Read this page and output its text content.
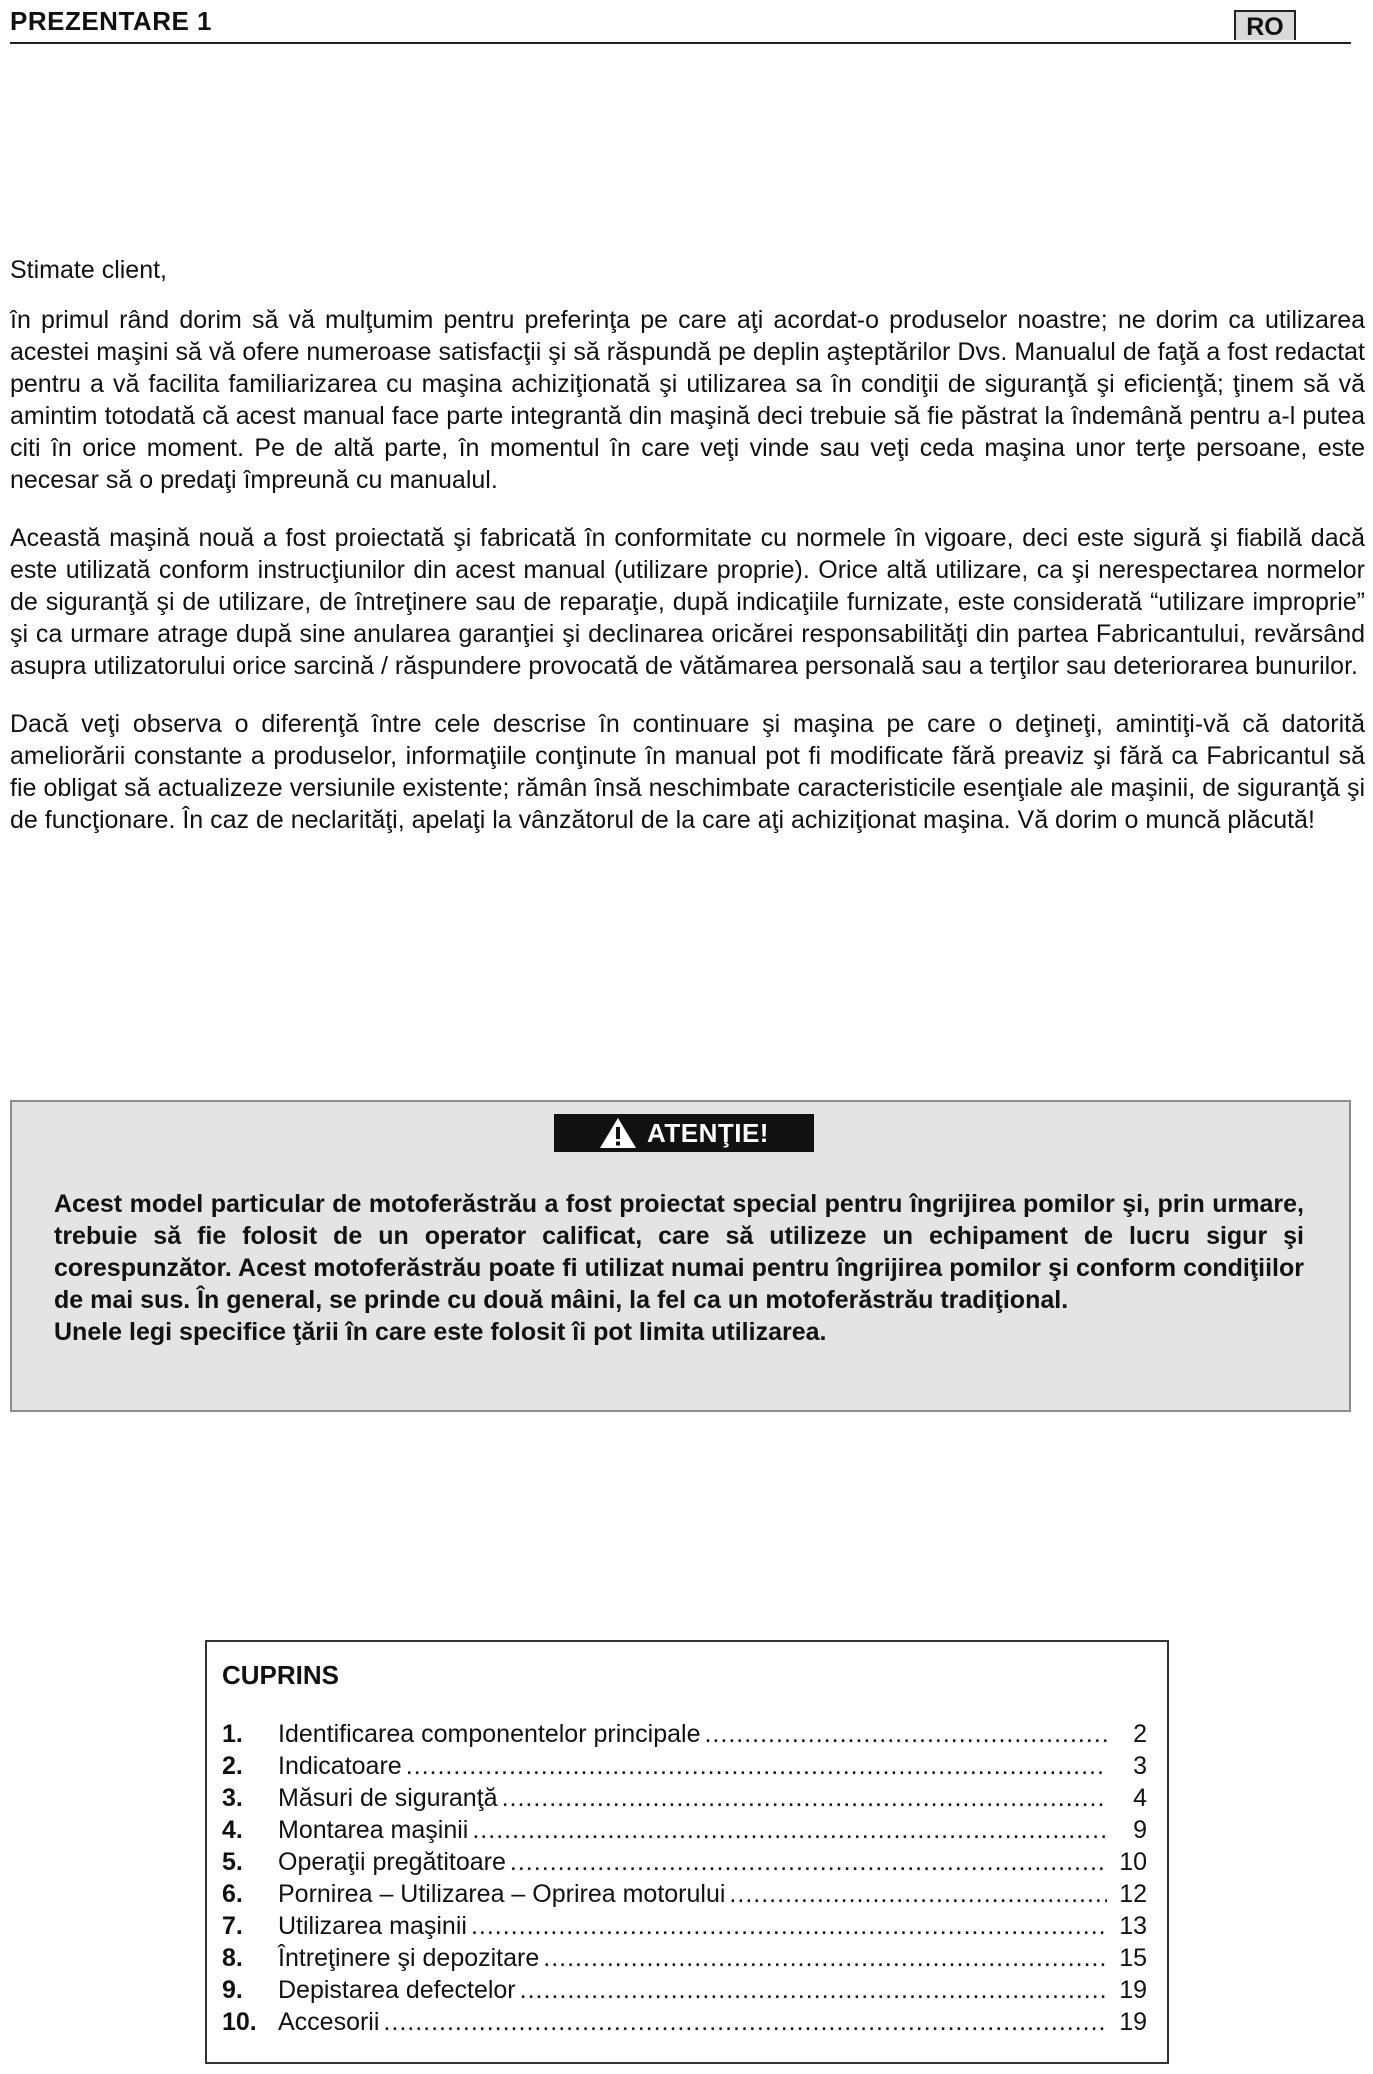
PREZENTARE 1	RO

Stimate client,

în primul rând dorim să vă mulţumim pentru preferinţa pe care aţi acordat-o produselor noastre; ne dorim ca utilizarea acestei maşini să vă ofere numeroase satisfacţii şi să răspundă pe deplin aşteptărilor Dvs. Manualul de faţă a fost redactat pentru a vă facilita familiarizarea cu maşina achiziţionată şi utilizarea sa în condiţii de siguranţă şi eficienţă; ţinem să vă amintim totodată că acest manual face parte integrantă din maşină deci trebuie să fie păstrat la îndemână pentru a-l putea citi în orice moment. Pe de altă parte, în momentul în care veţi vinde sau veţi ceda maşina unor terţe persoane, este necesar să o predaţi împreună cu manualul.

Această maşină nouă a fost proiectată şi fabricată în conformitate cu normele în vigoare, deci este sigură şi fiabilă dacă este utilizată conform instrucţiunilor din acest manual (utilizare proprie). Orice altă utilizare, ca şi nerespectarea normelor de siguranţă şi de utilizare, de întreţinere sau de reparaţie, după indicaţiile furnizate, este considerată “utilizare improprie” şi ca urmare atrage după sine anularea garanţiei şi declinarea oricărei responsabilităţi din partea Fabricantului, revărsând asupra utilizatorului orice sarcină / răspundere provocată de vătămarea personală sau a terţilor sau deteriorarea bunurilor.

Dacă veţi observa o diferenţă între cele descrise în continuare şi maşina pe care o deţineţi, amintiţi-vă că datorită ameliorării constante a produselor, informaţiile conţinute în manual pot fi modificate fără preaviz şi fără ca Fabricantul să fie obligat să actualizeze versiunile existente; rămân însă neschimbate caracteristicile esenţiale ale maşinii, de siguranţă şi de funcţionare. În caz de neclarităţi, apelaţi la vânzătorul de la care aţi achiziţionat maşina. Vă dorim o muncă plăcută!

ATENŢIE!

Acest model particular de motoferăstrău a fost proiectat special pentru îngrijirea pomilor şi, prin urmare, trebuie să fie folosit de un operator calificat, care să utilizeze un echipament de lucru sigur şi corespunzător. Acest motoferăstrău poate fi utilizat numai pentru îngrijirea pomilor şi conform condiţiilor de mai sus. În general, se prinde cu două mâini, la fel ca un motoferăstrău tradiţional.

Unele legi specifice ţării în care este folosit îi pot limita utilizarea.

CUPRINS
1.	Identificarea componentelor principale .....	2
2.	Indicatoare .....	3
3.	Măsuri de siguranţă .....	4
4.	Montarea maşinii .....	9
5.	Operaţii pregătitoare .....	10
6.	Pornirea – Utilizarea – Oprirea motorului .....	12
7.	Utilizarea maşinii .....	13
8.	Întreţinere şi depozitare .....	15
9.	Depistarea defectelor .....	19
10. Accesorii .....	19
